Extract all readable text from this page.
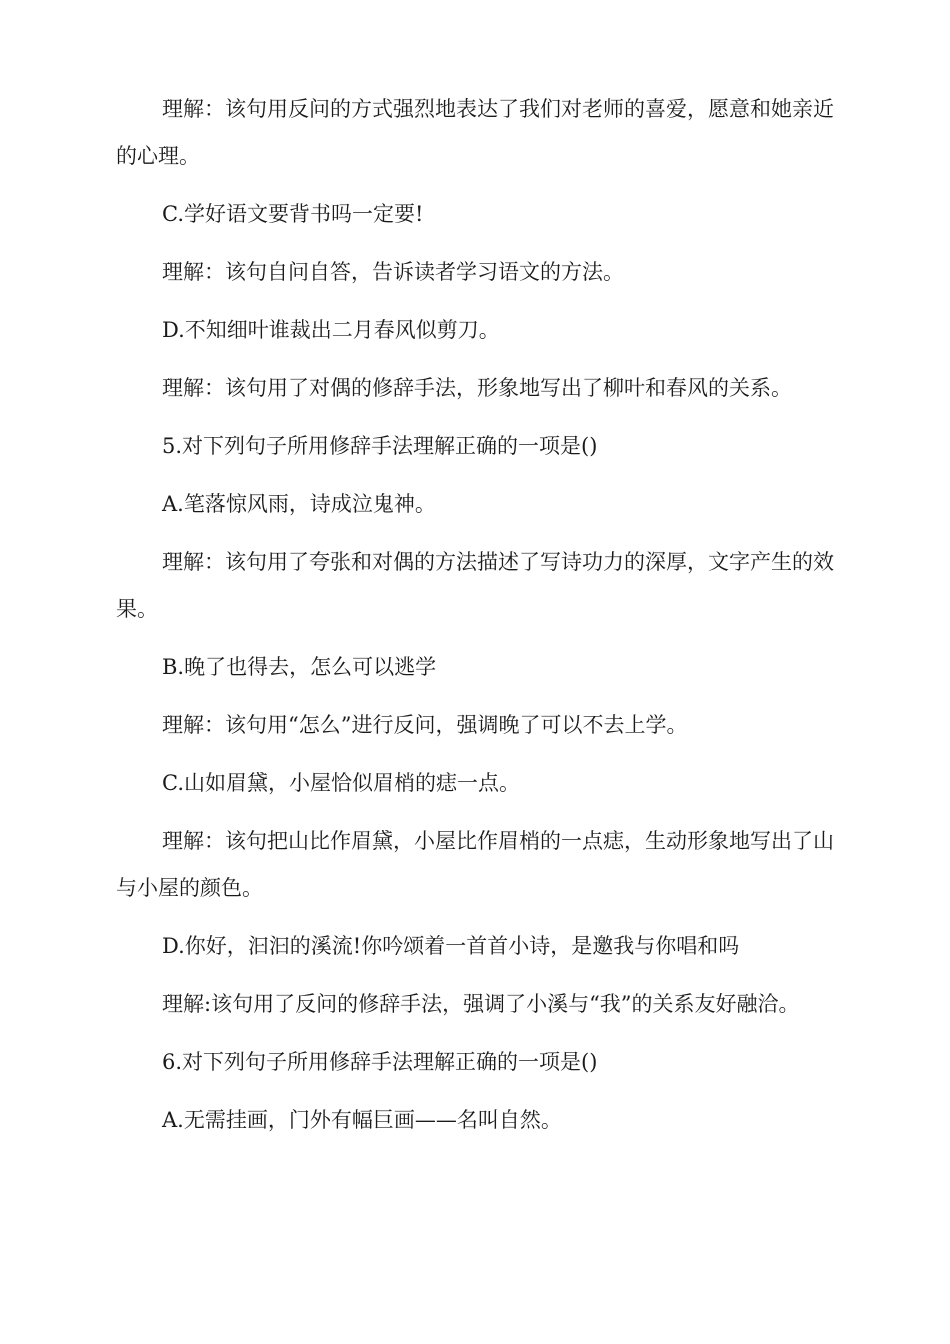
理解：该句用反问的方式强烈地表达了我们对老师的喜爱，愿意和她亲近的心理。

C.学好语文要背书吗一定要!

理解：该句自问自答，告诉读者学习语文的方法。

D.不知细叶谁裁出二月春风似剪刀。

理解：该句用了对偶的修辞手法，形象地写出了柳叶和春风的关系。

5.对下列句子所用修辞手法理解正确的一项是()

A.笔落惊风雨，诗成泣鬼神。

理解：该句用了夸张和对偶的方法描述了写诗功力的深厚，文字产生的效果。

B.晚了也得去，怎么可以逃学

理解：该句用“怎么”进行反问，强调晚了可以不去上学。

C.山如眉黛，小屋恰似眉梢的痣一点。

理解：该句把山比作眉黛，小屋比作眉梢的一点痣，生动形象地写出了山与小屋的颜色。

D.你好，汩汩的溪流!你吟颂着一首首小诗，是邀我与你唱和吗

理解:该句用了反问的修辞手法，强调了小溪与“我”的关系友好融洽。

6.对下列句子所用修辞手法理解正确的一项是()

A.无需挂画，门外有幅巨画——名叫自然。
